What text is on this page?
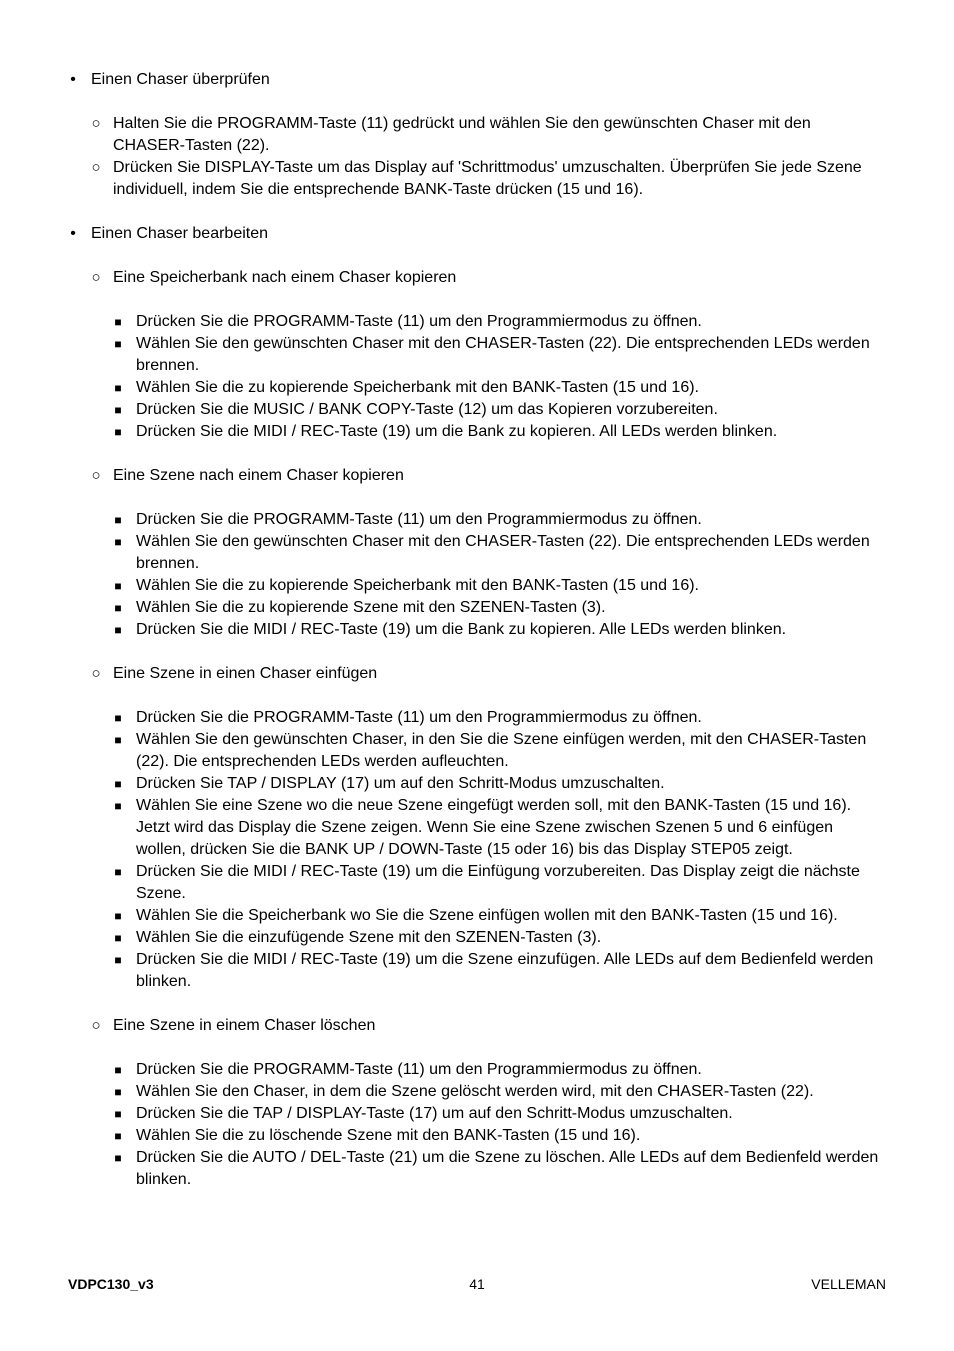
• Einen Chaser überprüfen
○ Halten Sie die PROGRAMM-Taste (11) gedrückt und wählen Sie den gewünschten Chaser mit den CHASER-Tasten (22).
○ Drücken Sie DISPLAY-Taste um das Display auf 'Schrittmodus' umzuschalten. Überprüfen Sie jede Szene individuell, indem Sie die entsprechende BANK-Taste drücken (15 und 16).
• Einen Chaser bearbeiten
○ Eine Speicherbank nach einem Chaser kopieren
■ Drücken Sie die PROGRAMM-Taste (11) um den Programmiermodus zu öffnen.
■ Wählen Sie den gewünschten Chaser mit den CHASER-Tasten (22). Die entsprechenden LEDs werden brennen.
■ Wählen Sie die zu kopierende Speicherbank mit den BANK-Tasten (15 und 16).
■ Drücken Sie die MUSIC / BANK COPY-Taste (12) um das Kopieren vorzubereiten.
■ Drücken Sie die MIDI / REC-Taste (19) um die Bank zu kopieren. All LEDs werden blinken.
○ Eine Szene nach einem Chaser kopieren
■ Drücken Sie die PROGRAMM-Taste (11) um den Programmiermodus zu öffnen.
■ Wählen Sie den gewünschten Chaser mit den CHASER-Tasten (22). Die entsprechenden LEDs werden brennen.
■ Wählen Sie die zu kopierende Speicherbank mit den BANK-Tasten (15 und 16).
■ Wählen Sie die zu kopierende Szene mit den SZENEN-Tasten (3).
■ Drücken Sie die MIDI / REC-Taste (19) um die Bank zu kopieren. Alle LEDs werden blinken.
○ Eine Szene in einen Chaser einfügen
■ Drücken Sie die PROGRAMM-Taste (11) um den Programmiermodus zu öffnen.
■ Wählen Sie den gewünschten Chaser, in den Sie die Szene einfügen werden, mit den CHASER-Tasten (22). Die entsprechenden LEDs werden aufleuchten.
■ Drücken Sie TAP / DISPLAY (17) um auf den Schritt-Modus umzuschalten.
■ Wählen Sie eine Szene wo die neue Szene eingefügt werden soll, mit den BANK-Tasten (15 und 16). Jetzt wird das Display die Szene zeigen. Wenn Sie eine Szene zwischen Szenen 5 und 6 einfügen wollen, drücken Sie die BANK UP / DOWN-Taste (15 oder 16) bis das Display STEP05 zeigt.
■ Drücken Sie die MIDI / REC-Taste (19) um die Einfügung vorzubereiten. Das Display zeigt die nächste Szene.
■ Wählen Sie die Speicherbank wo Sie die Szene einfügen wollen mit den BANK-Tasten (15 und 16).
■ Wählen Sie die einzufügende Szene mit den SZENEN-Tasten (3).
■ Drücken Sie die MIDI / REC-Taste (19) um die Szene einzufügen. Alle LEDs auf dem Bedienfeld werden blinken.
○ Eine Szene in einem Chaser löschen
■ Drücken Sie die PROGRAMM-Taste (11) um den Programmiermodus zu öffnen.
■ Wählen Sie den Chaser, in dem die Szene gelöscht werden wird, mit den CHASER-Tasten (22).
■ Drücken Sie die TAP / DISPLAY-Taste (17) um auf den Schritt-Modus umzuschalten.
■ Wählen Sie die zu löschende Szene mit den BANK-Tasten (15 und 16).
■ Drücken Sie die AUTO / DEL-Taste (21) um die Szene zu löschen. Alle LEDs auf dem Bedienfeld werden blinken.
VDPC130_v3	41	VELLEMAN
